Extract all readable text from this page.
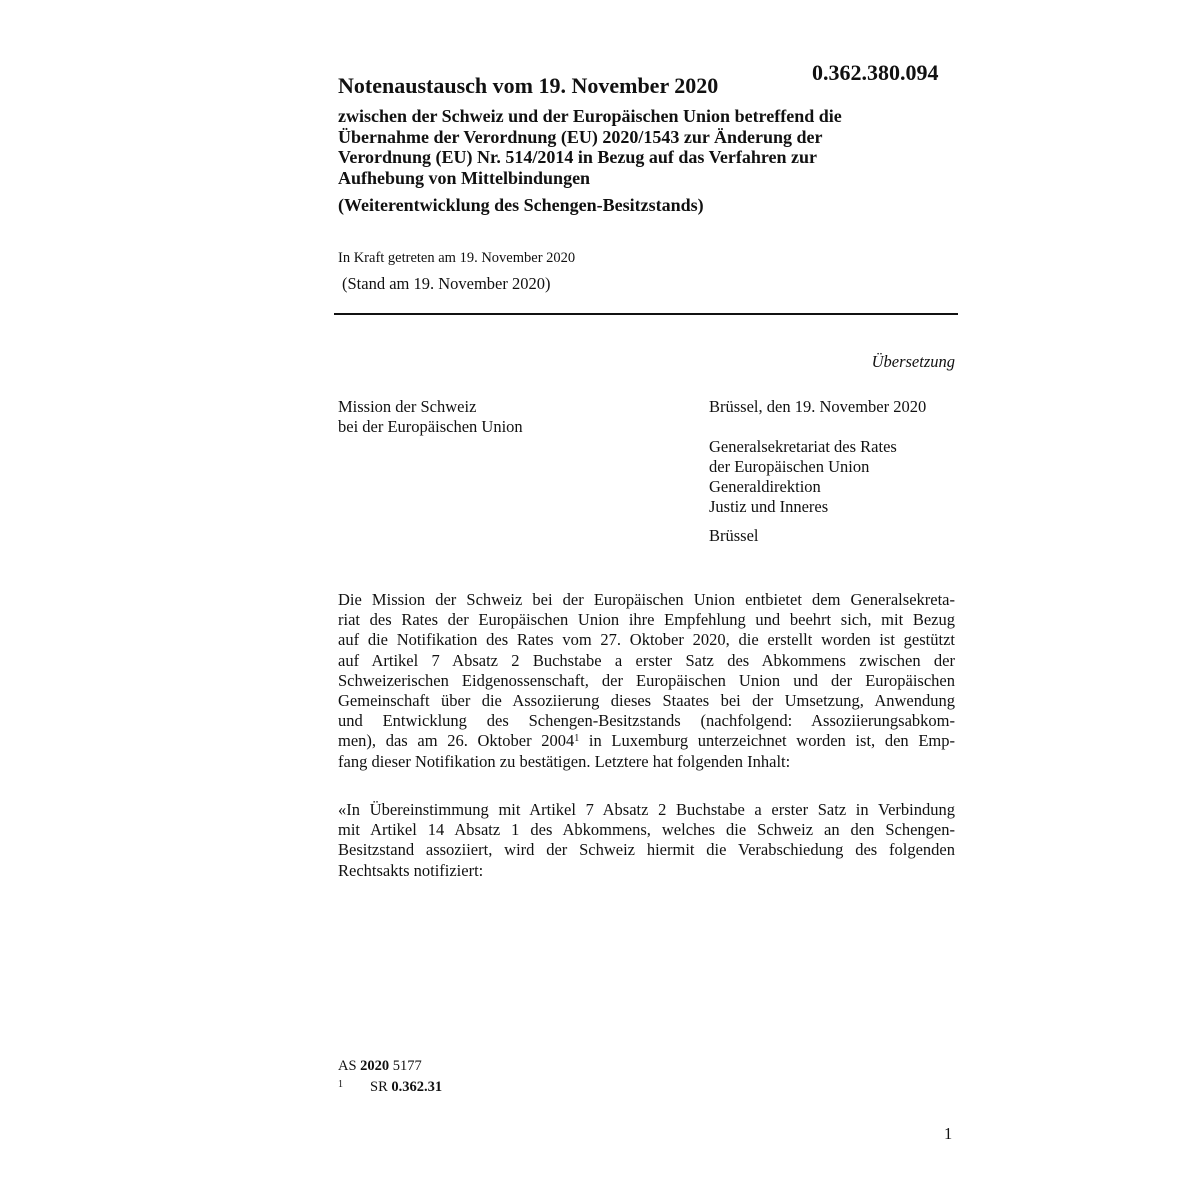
0.362.380.094
Notenaustausch vom 19. November 2020
zwischen der Schweiz und der Europäischen Union betreffend die
Übernahme der Verordnung (EU) 2020/1543 zur Änderung der
Verordnung (EU) Nr. 514/2014 in Bezug auf das Verfahren zur
Aufhebung von Mittelbindungen
(Weiterentwicklung des Schengen-Besitzstands)
In Kraft getreten am 19. November 2020
(Stand am 19. November 2020)
Übersetzung
Mission der Schweiz
bei der Europäischen Union
Brüssel, den 19. November 2020
Generalsekretariat des Rates
der Europäischen Union
Generaldirektion
Justiz und Inneres
Brüssel
Die Mission der Schweiz bei der Europäischen Union entbietet dem Generalsekreta-
riat des Rates der Europäischen Union ihre Empfehlung und beehrt sich, mit Bezug
auf die Notifikation des Rates vom 27. Oktober 2020, die erstellt worden ist gestützt
auf Artikel 7 Absatz 2 Buchstabe a erster Satz des Abkommens zwischen der
Schweizerischen Eidgenossenschaft, der Europäischen Union und der Europäischen
Gemeinschaft über die Assoziierung dieses Staates bei der Umsetzung, Anwendung
und Entwicklung des Schengen-Besitzstands (nachfolgend: Assoziierungsabkom-
men), das am 26. Oktober 2004$^1$ in Luxemburg unterzeichnet worden ist, den Emp-
fang dieser Notifikation zu bestätigen. Letztere hat folgenden Inhalt:
«In Übereinstimmung mit Artikel 7 Absatz 2 Buchstabe a erster Satz in Verbindung
mit Artikel 14 Absatz 1 des Abkommens, welches die Schweiz an den Schengen-
Besitzstand assoziiert, wird der Schweiz hiermit die Verabschiedung des folgenden
Rechtsakts notifiziert:
AS 2020 5177
1 SR 0.362.31
1
